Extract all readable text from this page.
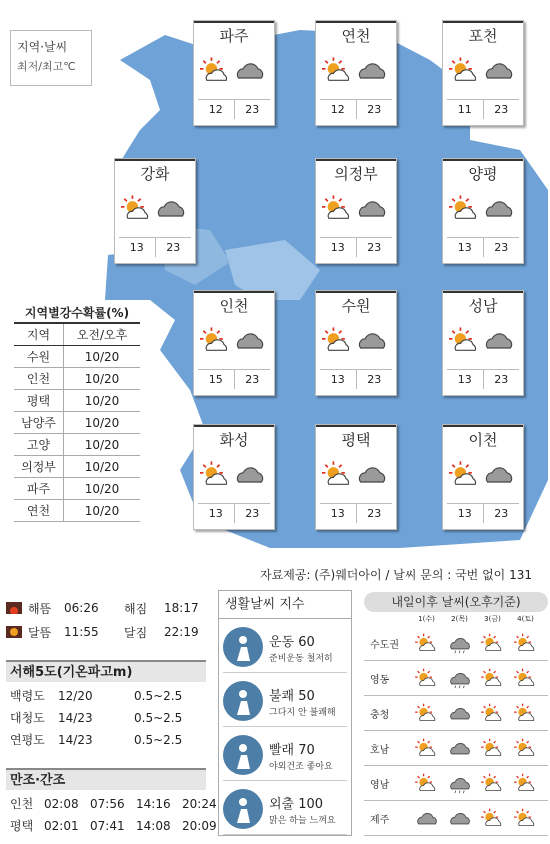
지역·날씨
최저/최고℃
파주
12	23
연천
12	23
포천
11	23
강화
13	23
의정부
13	23
양평
13	23
인천
15	23
수원
13	23
성남
13	23
화성
13	23
평택
13	23
이천
13	23
지역별강수확률(%)
지역	오전/오후
수원	10/20
인천	10/20
평택	10/20
남양주	10/20
고양	10/20
의정부	10/20
파주	10/20
연천	10/20
자료제공: (주)웨더아이 / 날씨 문의 : 국번 없이 131
해뜸	06:26	해짐	18:17
달뜸	11:55	달짐	22:19
서해5도(기온파고m)
백령도	12/20	0.5~2.5
대청도	14/23	0.5~2.5
연평도	14/23	0.5~2.5
만조·간조
인천 02:08 07:56 14:16 20:24
평택 02:01 07:41 14:08 20:09
생활날씨 지수
운동 60
준비운동 철저히
불쾌 50
그다지 안 불쾌해
빨래 70
야외건조 좋아요
외출 100
맑은 하늘 느껴요
내일이후 날씨(오후기준)
1(수)	2(목)	3(금)	4(토)
수도권
영동
충청
호남
영남
제주
